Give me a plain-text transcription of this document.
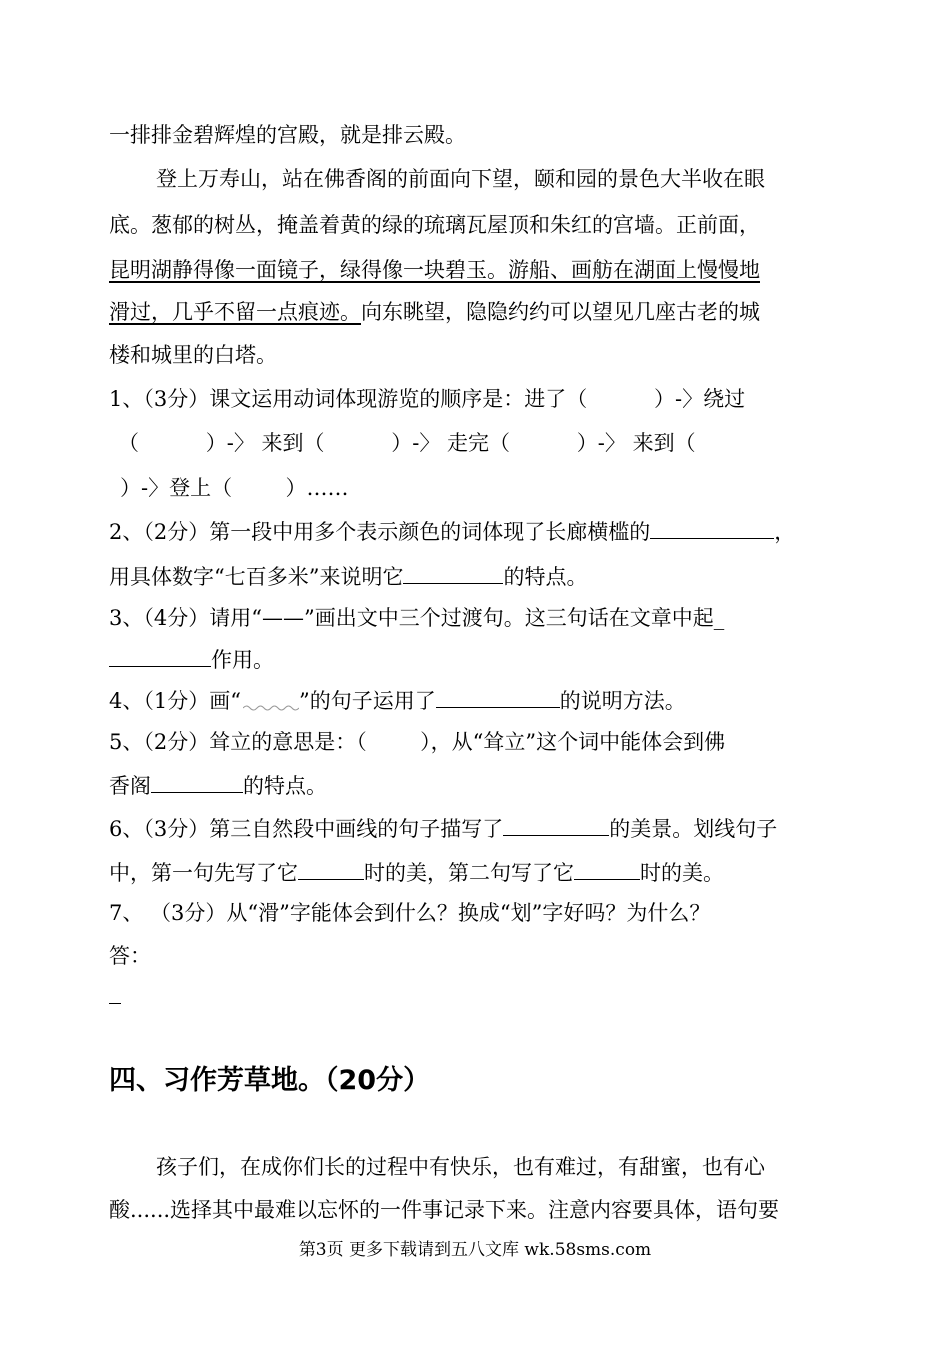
一排排金碧辉煌的宫殿，就是排云殿。
登上万寿山，站在佛香阁的前面向下望，颐和园的景色大半收在眼
底。葱郁的树丛，掩盖着黄的绿的琉璃瓦屋顶和朱红的宫墙。正前面，
昆明湖静得像一面镜子，绿得像一块碧玉。游船、画舫在湖面上慢慢地
滑过，几乎不留一点痕迹。向东眺望，隐隐约约可以望见几座古老的城
楼和城里的白塔。
1、（3分）课文运用动词体现游览的顺序是：进了（          ）-〉绕过
（          ）-〉 来到（          ）-〉 走完（          ）-〉 来到（
）-〉登上（        ）……
2、（2分）第一段中用多个表示颜色的词体现了长廊横槛的	，
用具体数字“七百多米”来说明它	的特点。
3、（4分）请用“——”画出文中三个过渡句。这三句话在文章中起_
作用。
4、（1分）画“	”的句子运用了	的说明方法。
5、（2分）耸立的意思是：（        ），从“耸立”这个词中能体会到佛
香阁	的特点。
6、（3分）第三自然段中画线的句子描写了	的美景。划线句子
中，第一句先写了它	时的美，第二句写了它	时的美。
7、 （3分）从“滑”字能体会到什么？换成“划”字好吗？为什么？
答：
四、习作芳草地。（20分）
孩子们，在成你们长的过程中有快乐，也有难过，有甜蜜，也有心
酸......选择其中最难以忘怀的一件事记录下来。注意内容要具体，语句要
第3页 更多下载请到五八文库 wk.58sms.com
